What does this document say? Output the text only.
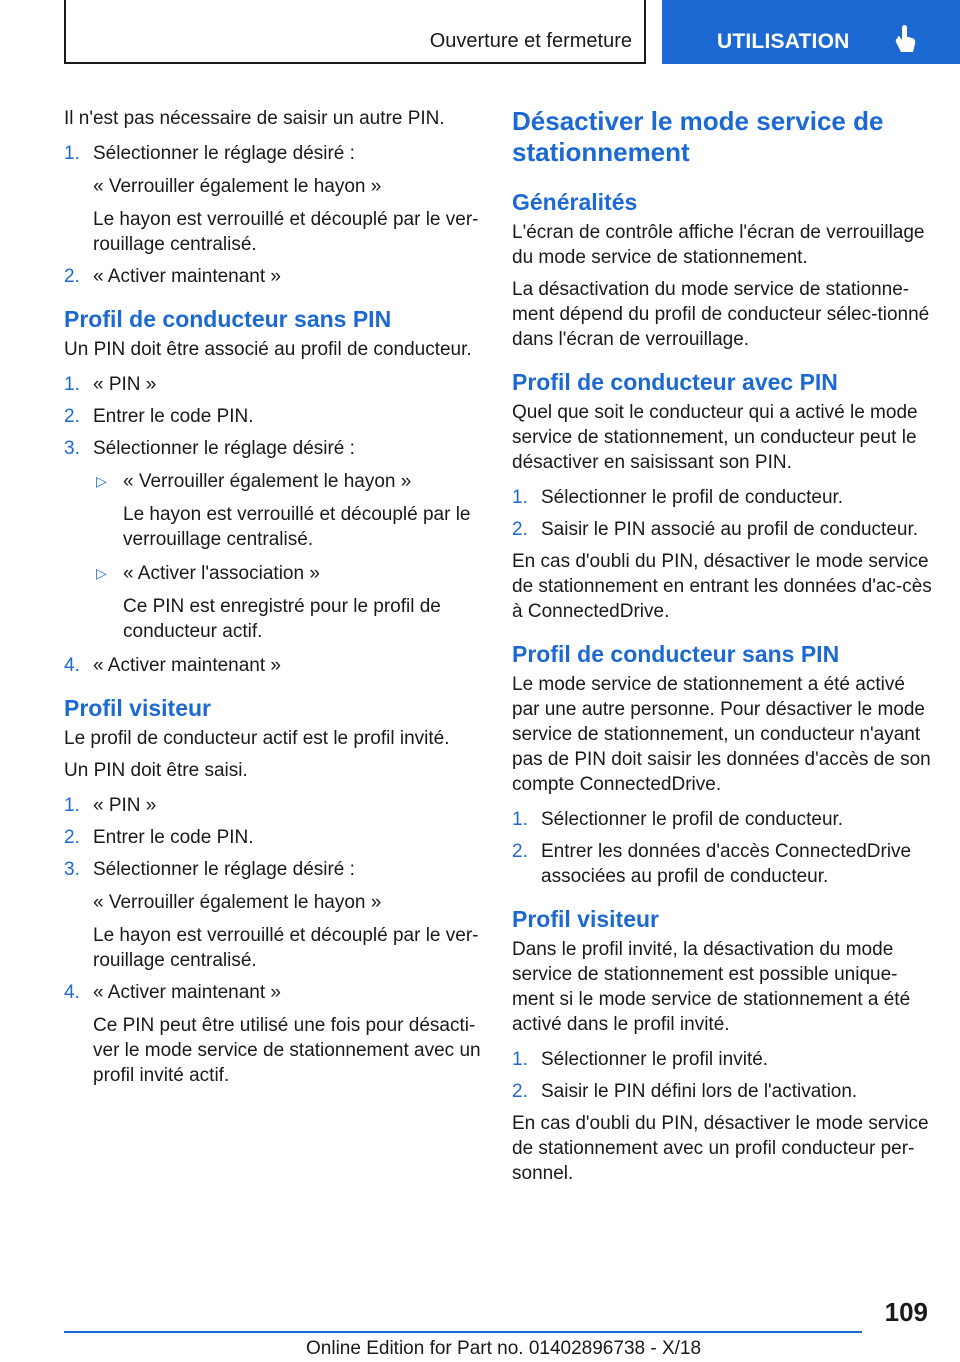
Ouverture et fermeture	UTILISATION

Il n'est pas nécessaire de saisir un autre PIN.

1. Sélectionner le réglage désiré :
« Verrouiller également le hayon »
Le hayon est verrouillé et découplé par le ver-rouillage centralisé.
2. « Activer maintenant »
Profil de conducteur sans PIN

Un PIN doit être associé au profil de conducteur.

1. « PIN »
2. Entrer le code PIN.
3. Sélectionner le réglage désiré :
▷ « Verrouiller également le hayon »
Le hayon est verrouillé et découplé par le verrouillage centralisé.
▷ « Activer l'association »
Ce PIN est enregistré pour le profil de conducteur actif.
4. « Activer maintenant »
Profil visiteur

Le profil de conducteur actif est le profil invité.

Un PIN doit être saisi.

1. « PIN »
2. Entrer le code PIN.
3. Sélectionner le réglage désiré :
« Verrouiller également le hayon »
Le hayon est verrouillé et découplé par le ver-rouillage centralisé.
4. « Activer maintenant »
Ce PIN peut être utilisé une fois pour désacti-ver le mode service de stationnement avec un profil invité actif.
Désactiver le mode service de stationnement
Généralités

L'écran de contrôle affiche l'écran de verrouillage du mode service de stationnement.

La désactivation du mode service de stationne-ment dépend du profil de conducteur sélec-tionné dans l'écran de verrouillage.

Profil de conducteur avec PIN

Quel que soit le conducteur qui a activé le mode service de stationnement, un conducteur peut le désactiver en saisissant son PIN.

1. Sélectionner le profil de conducteur.
2. Saisir le PIN associé au profil de conducteur.

En cas d'oubli du PIN, désactiver le mode service de stationnement en entrant les données d'ac-cès à ConnectedDrive.

Profil de conducteur sans PIN

Le mode service de stationnement a été activé par une autre personne. Pour désactiver le mode service de stationnement, un conducteur n'ayant pas de PIN doit saisir les données d'accès de son compte ConnectedDrive.

1. Sélectionner le profil de conducteur.
2. Entrer les données d'accès ConnectedDrive associées au profil de conducteur.
Profil visiteur

Dans le profil invité, la désactivation du mode service de stationnement est possible unique-ment si le mode service de stationnement a été activé dans le profil invité.

1. Sélectionner le profil invité.
2. Saisir le PIN défini lors de l'activation.

En cas d'oubli du PIN, désactiver le mode service de stationnement avec un profil conducteur per-sonnel.

109
Online Edition for Part no. 01402896738 - X/18
